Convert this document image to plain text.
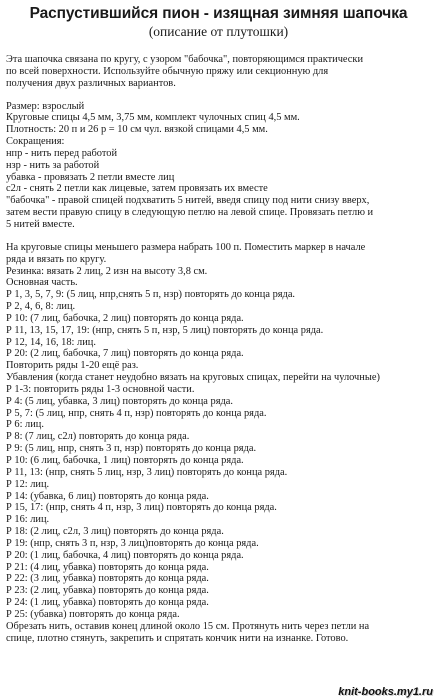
Распустившийся пион - изящная зимняя шапочка
(описание от плутошки)

Эта шапочка связана по кругу, с узором "бабочка", повторяющимся практически

по всей поверхности. Используйте обычную пряжу или секционную для

получения двух различных вариантов.

Размер: взрослый

Круговые спицы 4,5 мм, 3,75 мм, комплект чулочных спиц 4,5 мм.

Плотность: 20 п и 26 р = 10 см чул. вязкой спицами 4,5 мм.

Сокращения:

нпр - нить перед работой

нзр - нить за работой

убавка - провязать 2 петли вместе лиц

с2л - снять 2 петли как лицевые, затем провязать их вместе

"бабочка" - правой спицей подхватить 5 нитей, введя спицу под нити снизу вверх,

затем вести правую спицу в следующую петлю на левой спице. Провязать петлю и

5 нитей вместе.

На круговые спицы меньшего размера набрать 100 п. Поместить маркер в начале

ряда и вязать по кругу.

Резинка: вязать 2 лиц, 2 изн на высоту 3,8 см.

Основная часть.

Р 1, 3, 5, 7, 9: (5 лиц, нпр,снять 5 п, нзр) повторять до конца ряда.

Р 2, 4, 6, 8: лиц.

Р 10: (7 лиц, бабочка, 2 лиц) повторять до конца ряда.

Р 11, 13, 15, 17, 19: (нпр, снять 5 п, нзр, 5 лиц) повторять до конца ряда.

Р 12, 14, 16, 18: лиц.

Р 20: (2 лиц, бабочка, 7 лиц) повторять до конца ряда.

Повторить ряды 1-20 ещё раз.

Убавления (когда станет неудобно вязать на круговых спицах, перейти на чулочные)

Р 1-3: повторить ряды 1-3 основной части.

Р 4: (5 лиц, убавка, 3 лиц) повторять до конца ряда.

Р 5, 7: (5 лиц, нпр, снять 4 п, нзр) повторять до конца ряда.

Р 6: лиц.

Р 8: (7 лиц, с2л) повторять до конца ряда.

Р 9: (5 лиц, нпр, снять 3 п, нзр) повторять до конца ряда.

Р 10: (6 лиц, бабочка, 1 лиц) повторять до конца ряда.

Р 11, 13: (нпр, снять 5 лиц, нзр, 3 лиц) повторять до конца ряда.

Р 12: лиц.

Р 14: (убавка, 6 лиц) повторять до конца ряда.

Р 15, 17: (нпр, снять 4 п, нзр, 3 лиц) повторять до конца ряда.

Р 16: лиц.

Р 18: (2 лиц, с2л, 3 лиц) повторять до конца ряда.

Р 19: (нпр, снять 3 п, нзр, 3 лиц)повторять до конца ряда.

Р 20: (1 лиц, бабочка, 4 лиц) повторять до конца ряда.

Р 21: (4 лиц, убавка) повторять до конца ряда.

Р 22: (3 лиц, убавка) повторять до конца ряда.

Р 23: (2 лиц, убавка) повторять до конца ряда.

Р 24: (1 лиц, убавка) повторять до конца ряда.

Р 25: (убавка) повторять до конца ряда.

Обрезать нить, оставив конец длиной около 15 см. Протянуть нить через петли на

спице, плотно стянуть, закрепить и спрятать кончик нити на изнанке. Готово.

knit-books.my1.ru
